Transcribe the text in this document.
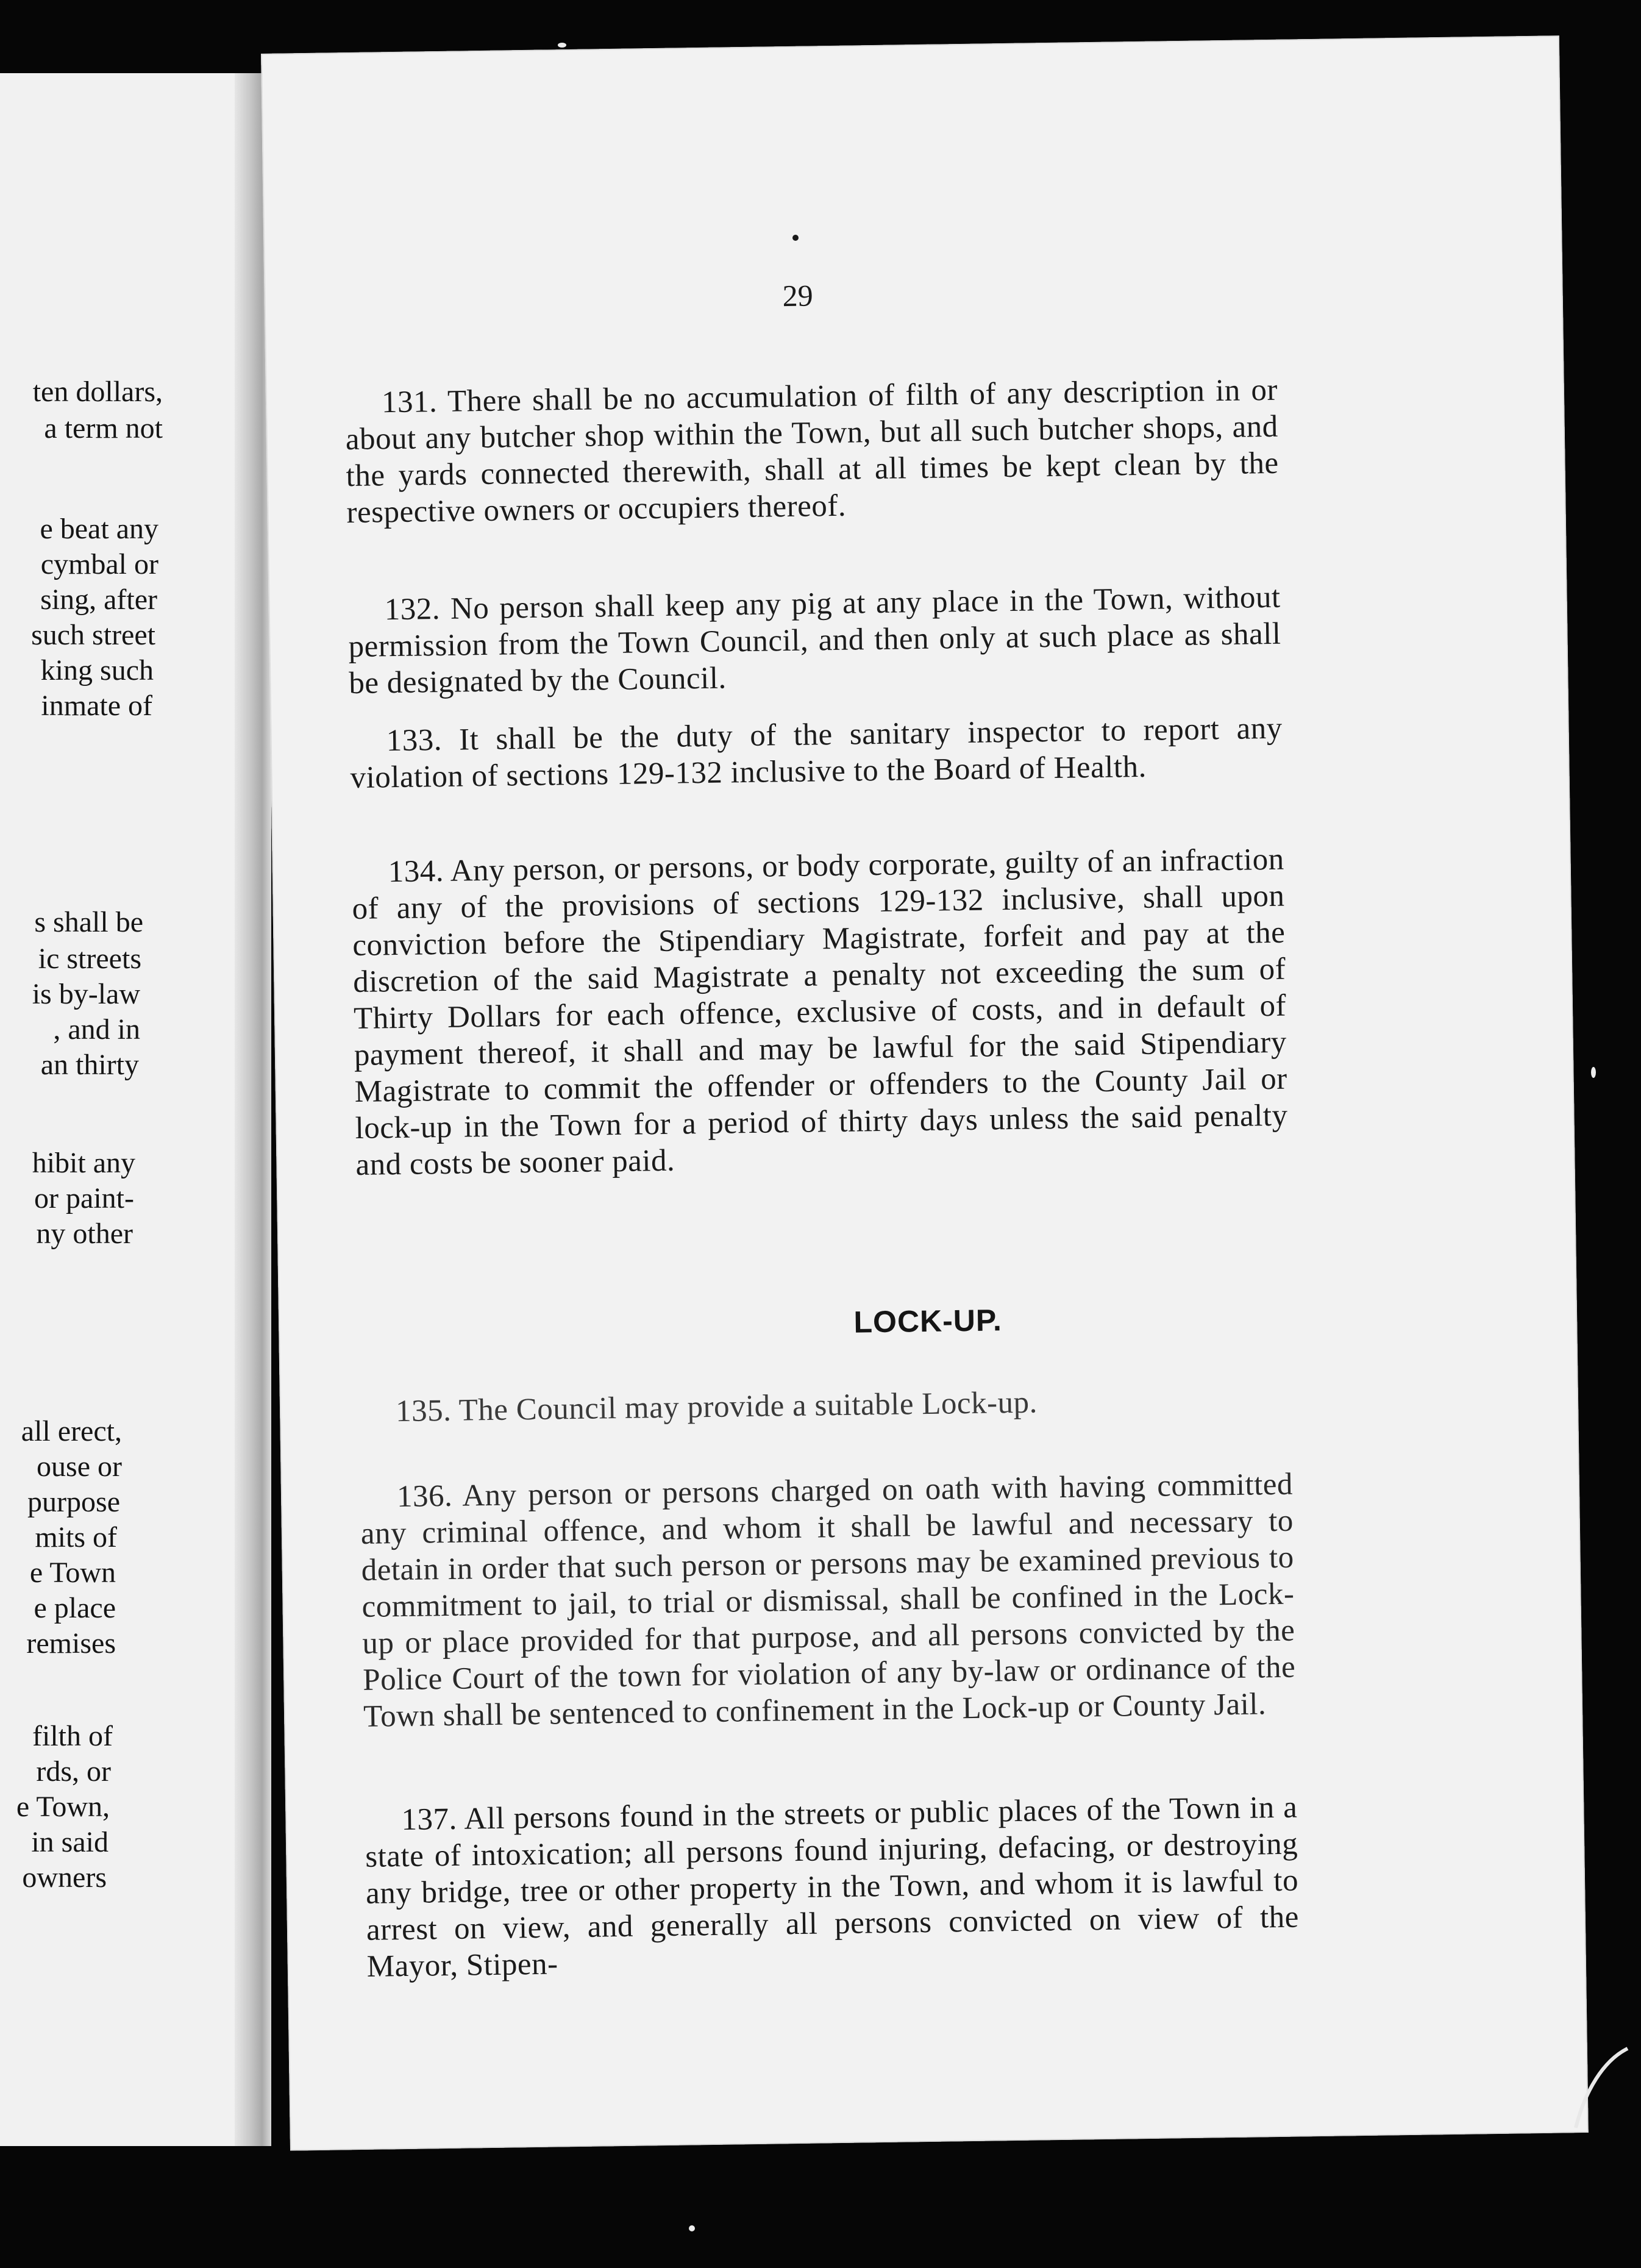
ten dollars,
a term not
e beat any
cymbal or
sing, after
such street
king such
inmate of
s shall be
ic streets
is by-law
, and in
an thirty
hibit any
or paint-
ny other
all erect,
ouse or
purpose
mits of
e Town
e place
remises
filth of
rds, or
e Town,
in said
owners
29

131. There shall be no accumulation of filth of any description in or about any butcher shop within the Town, but all such butcher shops, and the yards connected therewith, shall at all times be kept clean by the respective owners or occupiers thereof.

132. No person shall keep any pig at any place in the Town, without permission from the Town Council, and then only at such place as shall be designated by the Council.

133. It shall be the duty of the sanitary inspector to report any violation of sections 129-132 inclusive to the Board of Health.

134. Any person, or persons, or body corporate, guilty of an infraction of any of the provisions of sections 129-132 inclusive, shall upon conviction before the Stipendiary Magistrate, forfeit and pay at the discretion of the said Magistrate a penalty not exceeding the sum of Thirty Dollars for each offence, exclusive of costs, and in default of payment thereof, it shall and may be lawful for the said Stipendiary Magistrate to commit the offender or offenders to the County Jail or lock-up in the Town for a period of thirty days unless the said penalty and costs be sooner paid.

LOCK-UP.

135. The Council may provide a suitable Lock-up.

136. Any person or persons charged on oath with having committed any criminal offence, and whom it shall be lawful and necessary to detain in order that such person or persons may be examined previous to commitment to jail, to trial or dismissal, shall be confined in the Lock-up or place provided for that purpose, and all persons convicted by the Police Court of the town for violation of any by-law or ordinance of the Town shall be sentenced to confinement in the Lock-up or County Jail.

137. All persons found in the streets or public places of the Town in a state of intoxication; all persons found injuring, defacing, or destroying any bridge, tree or other property in the Town, and whom it is lawful to arrest on view, and generally all persons convicted on view of the Mayor, Stipen-
